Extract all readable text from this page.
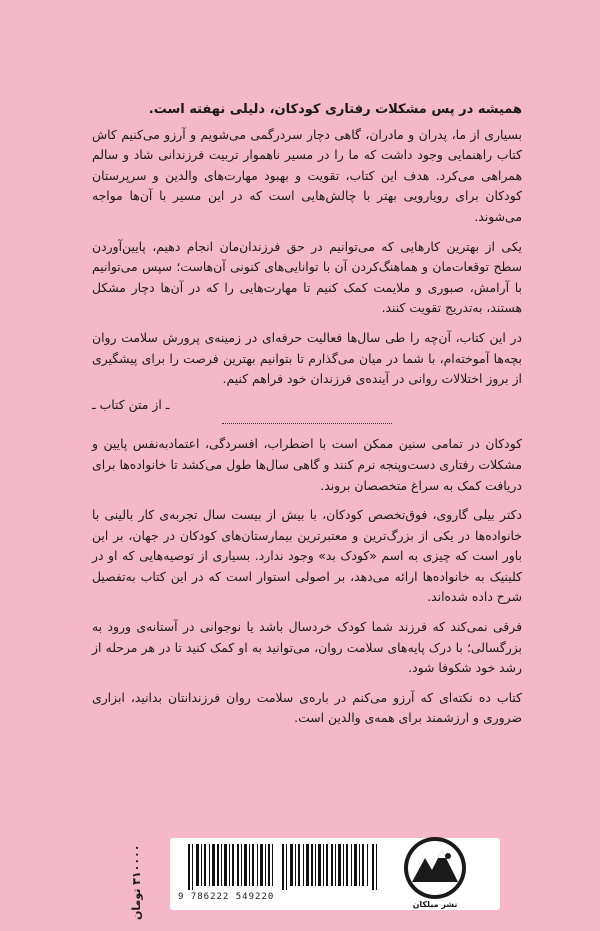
همیشه در پس مشکلات رفتاری کودکان، دلیلی نهفته است.

بسیاری از ما، پدران و مادران، گاهی دچار سردرگمی می‌شویم و آرزو می‌کنیم کاش کتاب راهنمایی وجود داشت که ما را در مسیر ناهموار تربیت فرزندانی شاد و سالم همراهی می‌کرد. هدف این کتاب، تقویت و بهبود مهارت‌های والدین و سرپرستان کودکان برای رویارویی بهتر با چالش‌هایی است که در این مسیر با آن‌ها مواجه می‌شوند.

یکی از بهترین کارهایی که می‌توانیم در حق فرزندان‌مان انجام دهیم، پایین‌آوردن سطح توقعات‌مان و هماهنگ‌کردن آن با توانایی‌های کنونی آن‌هاست؛ سپس می‌توانیم با آرامش، صبوری و ملایمت کمک کنیم تا مهارت‌هایی را که در آن‌ها دچار مشکل هستند، به‌تدریج تقویت کنند.

در این کتاب، آن‌چه را طی سال‌ها فعالیت حرفه‌ای در زمینه‌ی پرورش سلامت روان بچه‌ها آموخته‌ام، با شما در میان می‌گذارم تا بتوانیم بهترین فرصت را برای پیشگیری از بروز اختلالات روانی در آینده‌ی فرزندان خود فراهم کنیم.

ـ از متن کتاب ـ

کودکان در تمامی سنین ممکن است با اضطراب، افسردگی، اعتمادبه‌نفس پایین و مشکلات رفتاری دست‌وپنجه نرم کنند و گاهی سال‌ها طول می‌کشد تا خانواده‌ها برای دریافت کمک به سراغ متخصصان بروند.

دکتر بیلی گاروی، فوق‌تخصص کودکان، با بیش از بیست سال تجربه‌ی کار بالینی با خانواده‌ها در یکی از بزرگ‌ترین و معتبرترین بیمارستان‌های کودکان در جهان، بر این باور است که چیزی به اسم «کودک بد» وجود ندارد. بسیاری از توصیه‌هایی که او در کلینیک به خانواده‌ها ارائه می‌دهد، بر اصولی استوار است که در این کتاب به‌تفصیل شرح داده شده‌اند.

فرقی نمی‌کند که فرزند شما کودک خردسال باشد یا نوجوانی در آستانه‌ی ورود به بزرگسالی؛ با درک پایه‌های سلامت روان، می‌توانید به او کمک کنید تا در هر مرحله از رشد خود شکوفا شود.

کتاب ده نکته‌ای که آرزو می‌کنم در باره‌ی سلامت روان فرزندانتان بدانید، ابزاری ضروری و ارزشمند برای همه‌ی والدین است.

۳۱۰۰۰۰ تومان
9 786222 549220
نشر میلکان
